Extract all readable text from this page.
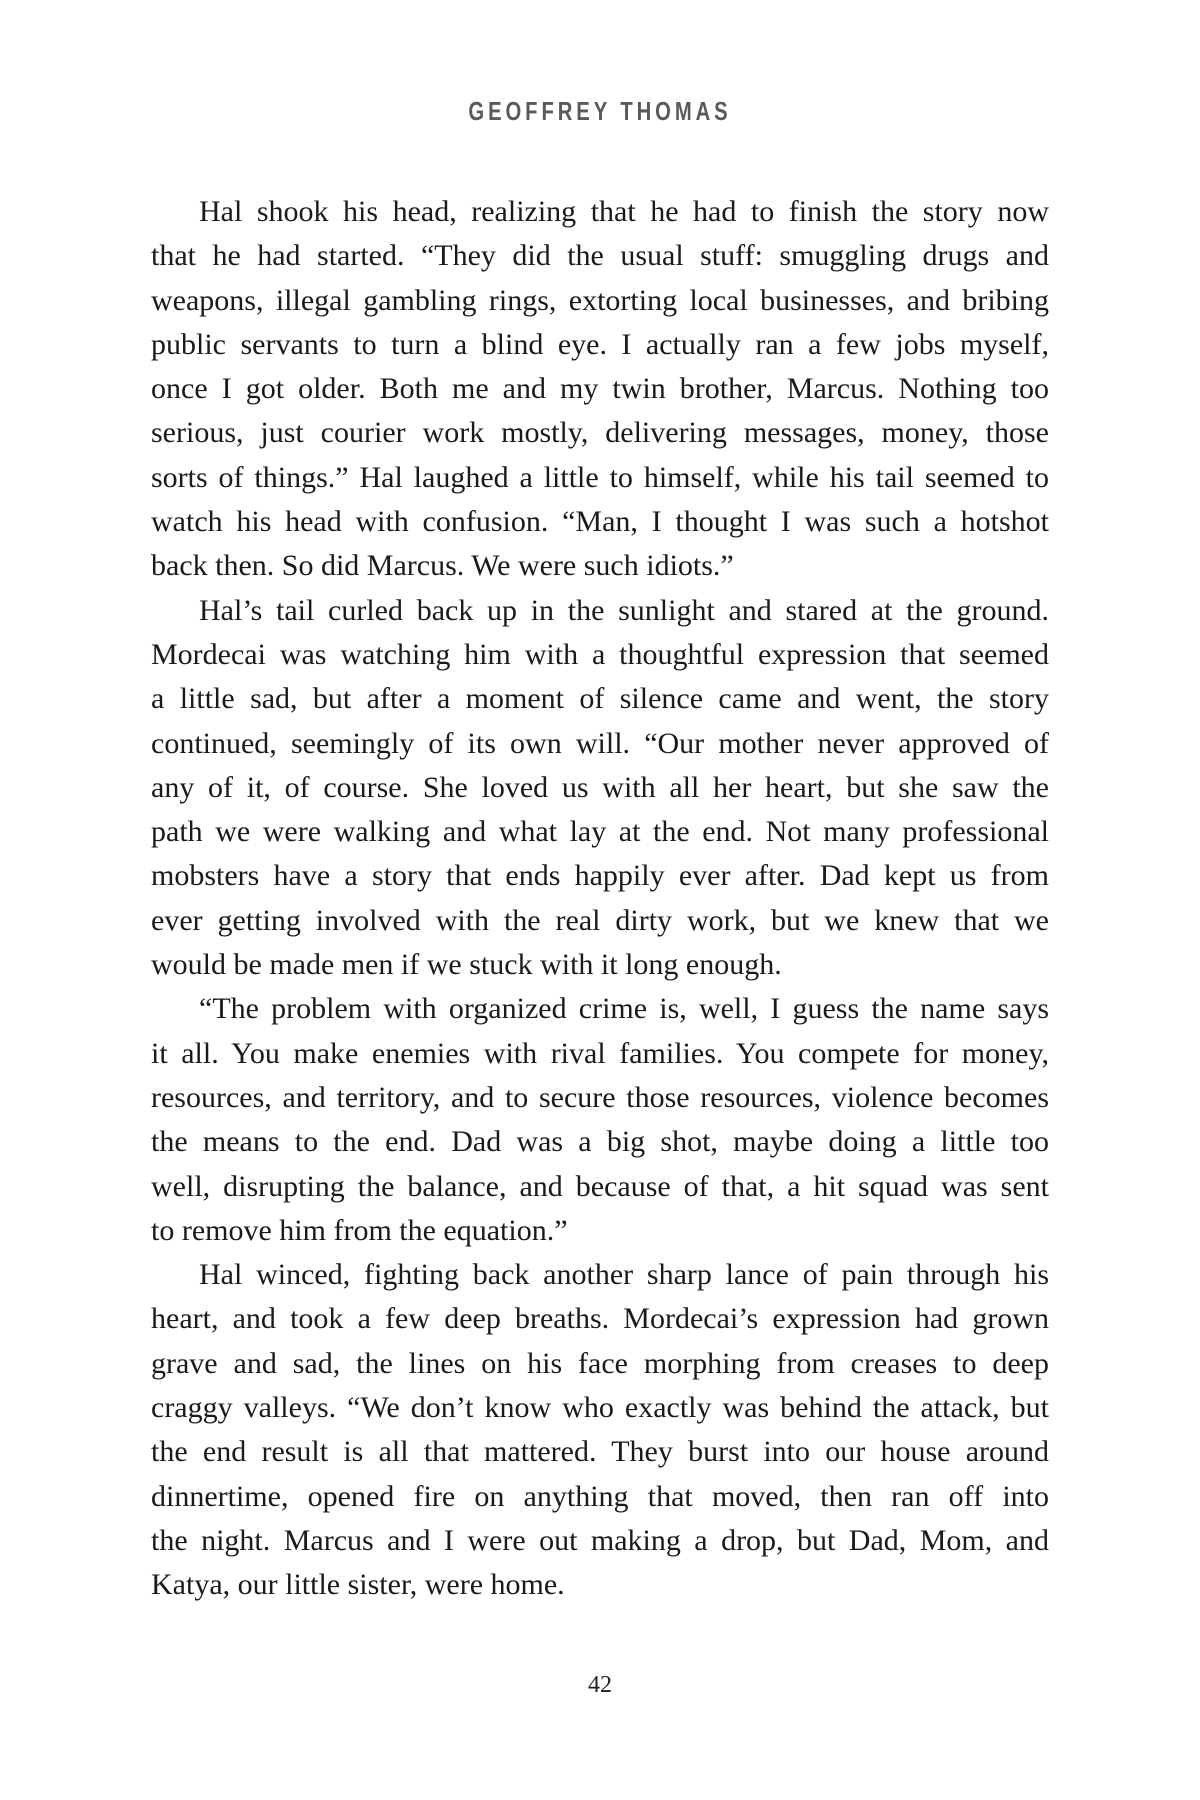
GEOFFREY THOMAS
Hal shook his head, realizing that he had to finish the story now
that he had started. “They did the usual stuff: smuggling drugs and
weapons, illegal gambling rings, extorting local businesses, and bribing
public servants to turn a blind eye. I actually ran a few jobs myself,
once I got older. Both me and my twin brother, Marcus. Nothing too
serious, just courier work mostly, delivering messages, money, those
sorts of things.” Hal laughed a little to himself, while his tail seemed to
watch his head with confusion. “Man, I thought I was such a hotshot
back then. So did Marcus. We were such idiots.”
Hal’s tail curled back up in the sunlight and stared at the ground.
Mordecai was watching him with a thoughtful expression that seemed
a little sad, but after a moment of silence came and went, the story
continued, seemingly of its own will. “Our mother never approved of
any of it, of course. She loved us with all her heart, but she saw the
path we were walking and what lay at the end. Not many professional
mobsters have a story that ends happily ever after. Dad kept us from
ever getting involved with the real dirty work, but we knew that we
would be made men if we stuck with it long enough.
“The problem with organized crime is, well, I guess the name says
it all. You make enemies with rival families. You compete for money,
resources, and territory, and to secure those resources, violence becomes
the means to the end. Dad was a big shot, maybe doing a little too
well, disrupting the balance, and because of that, a hit squad was sent
to remove him from the equation.”
Hal winced, fighting back another sharp lance of pain through his
heart, and took a few deep breaths. Mordecai’s expression had grown
grave and sad, the lines on his face morphing from creases to deep
craggy valleys. “We don’t know who exactly was behind the attack, but
the end result is all that mattered. They burst into our house around
dinnertime, opened fire on anything that moved, then ran off into
the night. Marcus and I were out making a drop, but Dad, Mom, and
Katya, our little sister, were home.
42
